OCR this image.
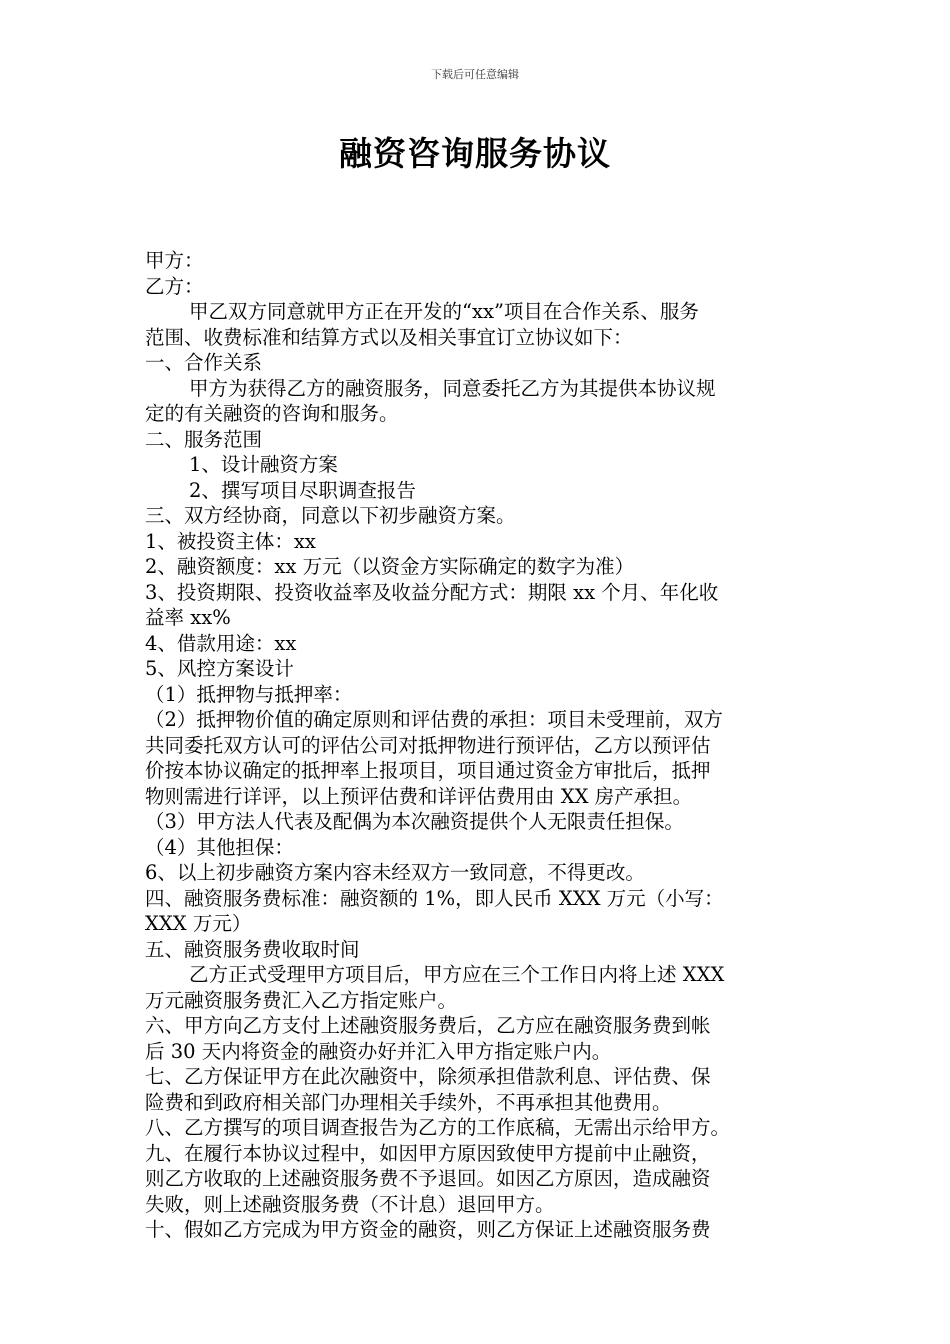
下载后可任意编辑
融资咨询服务协议
甲方：
乙方：
甲乙双方同意就甲方正在开发的“xx”项目在合作关系、服务
范围、收费标准和结算方式以及相关事宜订立协议如下：
一、合作关系
甲方为获得乙方的融资服务，同意委托乙方为其提供本协议规
定的有关融资的咨询和服务。
二、服务范围
1、设计融资方案
2、撰写项目尽职调查报告
三、双方经协商，同意以下初步融资方案。
1、被投资主体：xx
2、融资额度：xx 万元（以资金方实际确定的数字为准）
3、投资期限、投资收益率及收益分配方式：期限 xx 个月、年化收
益率 xx%
4、借款用途：xx
5、风控方案设计
（1）抵押物与抵押率：
（2）抵押物价值的确定原则和评估费的承担：项目未受理前，双方
共同委托双方认可的评估公司对抵押物进行预评估，乙方以预评估
价按本协议确定的抵押率上报项目，项目通过资金方审批后，抵押
物则需进行详评，以上预评估费和详评估费用由 XX 房产承担。
（3）甲方法人代表及配偶为本次融资提供个人无限责任担保。
（4）其他担保：
6、以上初步融资方案内容未经双方一致同意，不得更改。
四、融资服务费标准：融资额的 1%，即人民币 XXX 万元（小写：
XXX 万元）
五、融资服务费收取时间
乙方正式受理甲方项目后，甲方应在三个工作日内将上述 XXX
万元融资服务费汇入乙方指定账户。
六、甲方向乙方支付上述融资服务费后，乙方应在融资服务费到帐
后 30 天内将资金的融资办好并汇入甲方指定账户内。
七、乙方保证甲方在此次融资中，除须承担借款利息、评估费、保
险费和到政府相关部门办理相关手续外，不再承担其他费用。
八、乙方撰写的项目调查报告为乙方的工作底稿，无需出示给甲方。
九、在履行本协议过程中，如因甲方原因致使甲方提前中止融资，
则乙方收取的上述融资服务费不予退回。如因乙方原因，造成融资
失败，则上述融资服务费（不计息）退回甲方。
十、假如乙方完成为甲方资金的融资，则乙方保证上述融资服务费
